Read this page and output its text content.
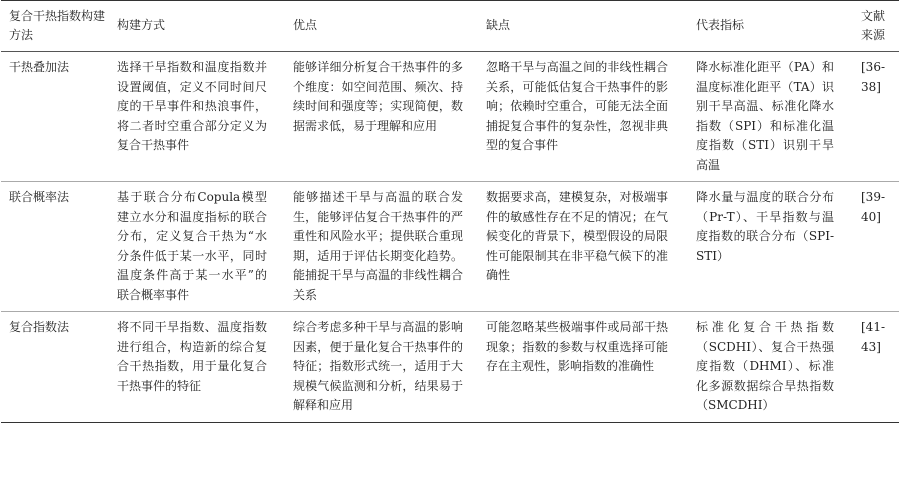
复合干热指数构建方法	构建方式	优点	缺点	代表指标	文献来源
干热叠加法	选择干旱指数和温度指数并设置阈值，定义不同时间尺度的干旱事件和热浪事件，将二者时空重合部分定义为复合干热事件	能够详细分析复合干热事件的多个维度：如空间范围、频次、持续时间和强度等；实现简便，数据需求低，易于理解和应用	忽略干旱与高温之间的非线性耦合关系，可能低估复合干热事件的影响；依赖时空重合，可能无法全面捕捉复合事件的复杂性，忽视非典型的复合事件	降水标准化距平（PA）和温度标准化距平（TA）识别干旱高温、标准化降水指数（SPI）和标准化温度指数（STI）识别干旱高温	[36-38]
联合概率法	基于联合分布Copula模型建立水分和温度指标的联合分布，定义复合干热为“水分条件低于某一水平，同时温度条件高于某一水平”的联合概率事件	能够描述干旱与高温的联合发生，能够评估复合干热事件的严重性和风险水平；提供联合重现期，适用于评估长期变化趋势。能捕捉干旱与高温的非线性耦合关系	数据要求高，建模复杂，对极端事件的敏感性存在不足的情况；在气候变化的背景下，模型假设的局限性可能限制其在非平稳气候下的准确性	降水量与温度的联合分布（Pr-T）、干旱指数与温度指数的联合分布（SPI-STI）	[39-40]
复合指数法	将不同干旱指数、温度指数进行组合，构造新的综合复合干热指数，用于量化复合干热事件的特征	综合考虑多种干旱与高温的影响因素，便于量化复合干热事件的特征；指数形式统一，适用于大规模气候监测和分析，结果易于解释和应用	可能忽略某些极端事件或局部干热现象；指数的参数与权重选择可能存在主观性，影响指数的准确性	标准化复合干热指数（SCDHI）、复合干热强度指数（DHMI）、标准化多源数据综合旱热指数（SMCDHI）	[41-43]
